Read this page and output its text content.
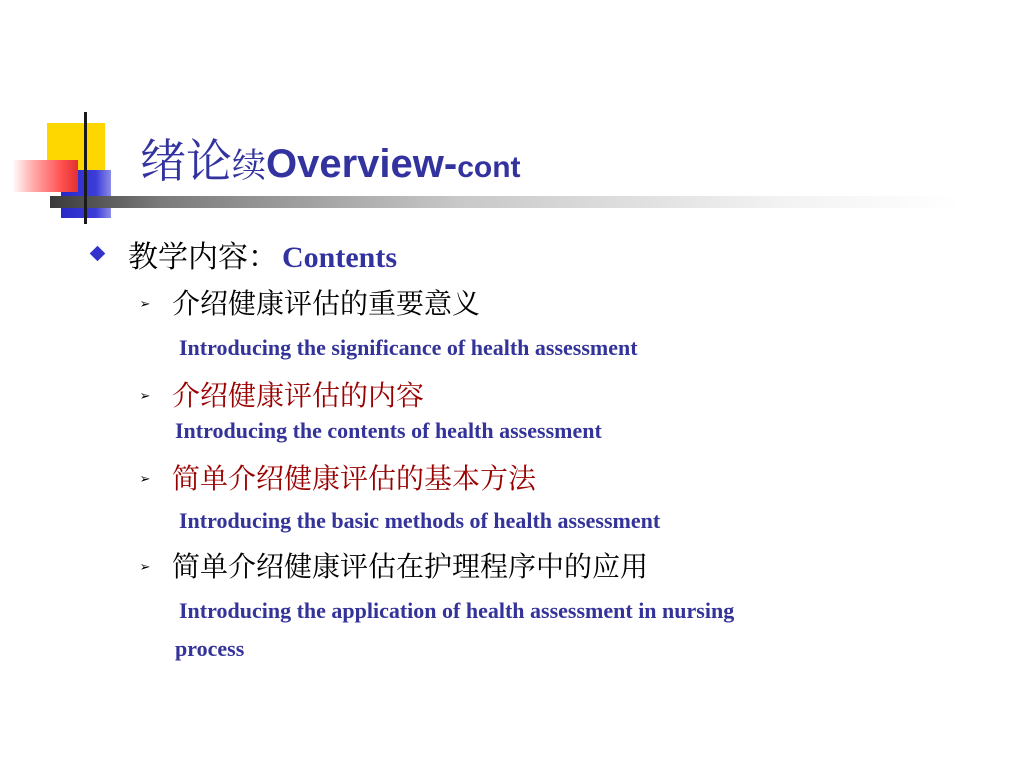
绪论续Overview-cont
教学内容： Contents
➢ 介绍健康评估的重要意义
Introducing the significance of health assessment
➢ 介绍健康评估的内容
Introducing the contents of health assessment
➢ 简单介绍健康评估的基本方法
Introducing the basic methods of health assessment
➢ 简单介绍健康评估在护理程序中的应用
Introducing the application of health assessment in nursing
process
